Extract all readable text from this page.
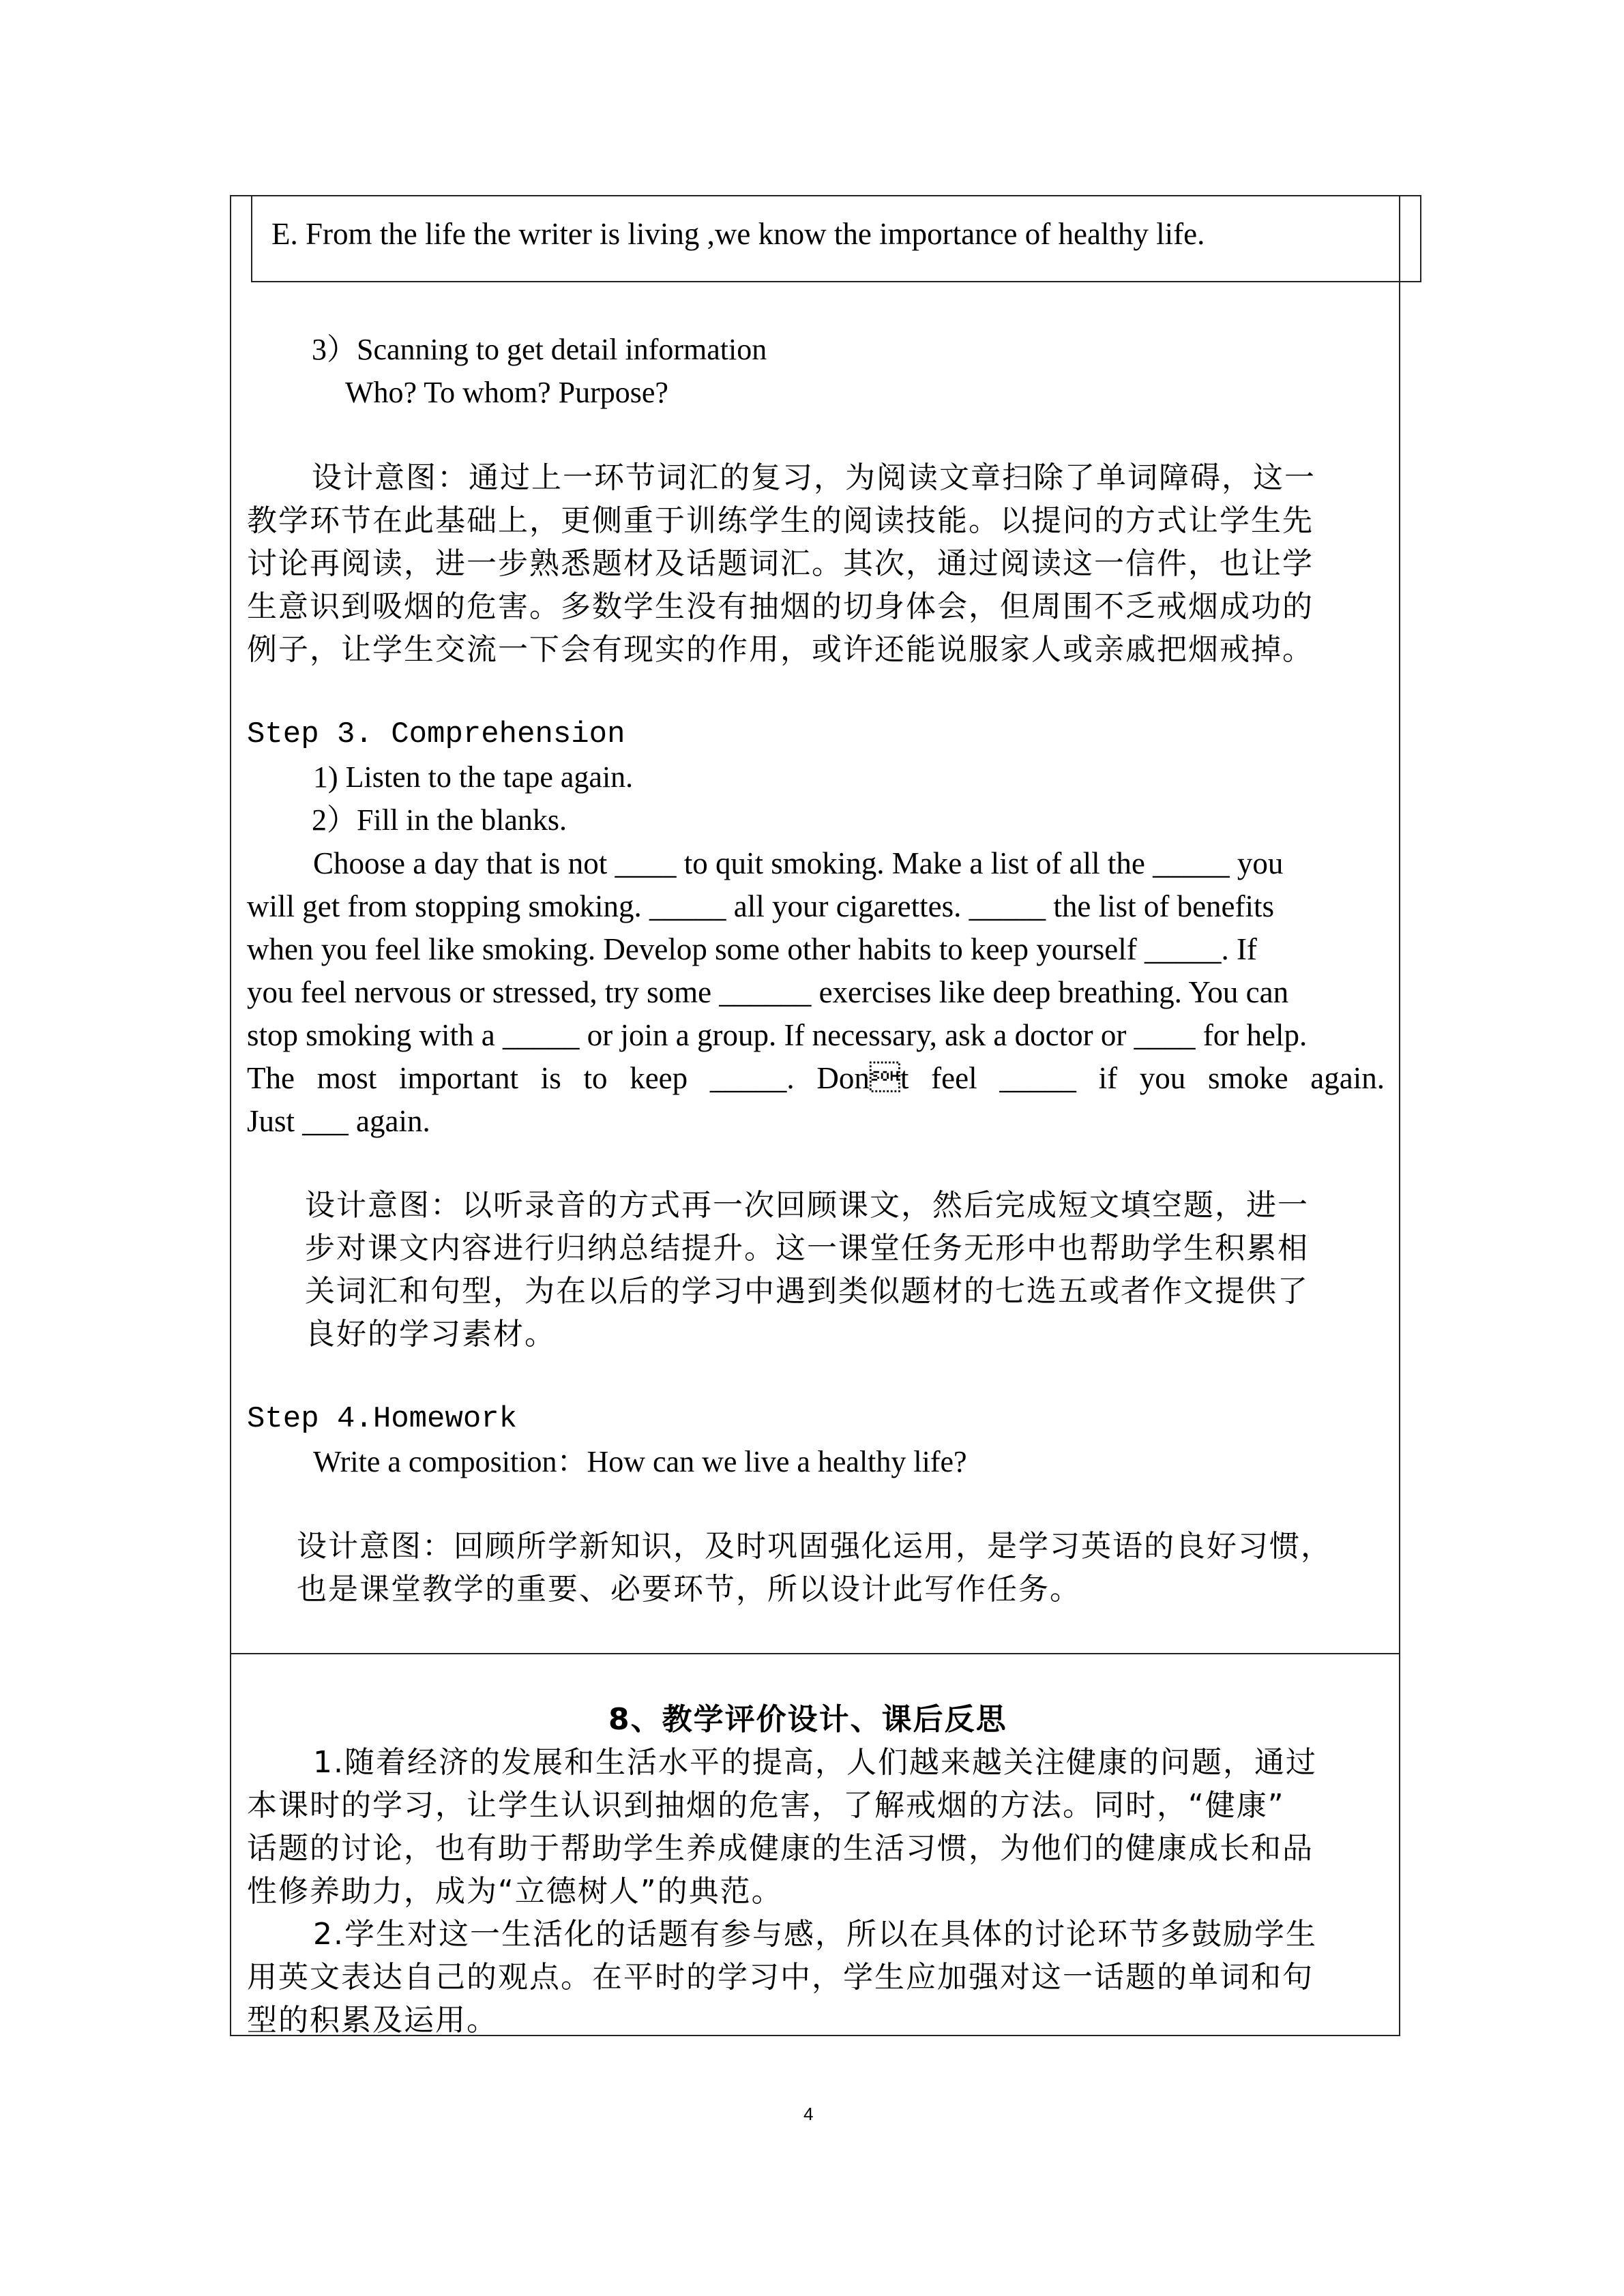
E. From the life the writer is living ,we know the importance of healthy life.
3）Scanning to get detail information
Who? To whom? Purpose?
设计意图：通过上一环节词汇的复习，为阅读文章扫除了单词障碍，这一
教学环节在此基础上，更侧重于训练学生的阅读技能。以提问的方式让学生先
讨论再阅读，进一步熟悉题材及话题词汇。其次，通过阅读这一信件，也让学
生意识到吸烟的危害。多数学生没有抽烟的切身体会，但周围不乏戒烟成功的
例子，让学生交流一下会有现实的作用，或许还能说服家人或亲戚把烟戒掉。
Step 3. Comprehension
1) Listen to the tape again.
2）Fill in the blanks.
Choose a day that is not ____ to quit smoking. Make a list of all the _____ you
will get from stopping smoking. _____ all your cigarettes. _____ the list of benefits
when you feel like smoking. Develop some other habits to keep yourself _____. If
you feel nervous or stressed, try some ______ exercises like deep breathing. You can
stop smoking with a _____ or join a group. If necessary, ask a doctor or ____ for help.
The most important is to keep _____. Dont feel _____ if you smoke again.
Just ___ again.
设计意图：以听录音的方式再一次回顾课文，然后完成短文填空题，进一
步对课文内容进行归纳总结提升。这一课堂任务无形中也帮助学生积累相
关词汇和句型，为在以后的学习中遇到类似题材的七选五或者作文提供了
良好的学习素材。
Step 4.Homework
Write a composition：How can we live a healthy life?
设计意图：回顾所学新知识，及时巩固强化运用，是学习英语的良好习惯，
也是课堂教学的重要、必要环节，所以设计此写作任务。
8、教学评价设计、课后反思
1.随着经济的发展和生活水平的提高，人们越来越关注健康的问题，通过
本课时的学习，让学生认识到抽烟的危害，了解戒烟的方法。同时，“健康”
话题的讨论，也有助于帮助学生养成健康的生活习惯，为他们的健康成长和品
性修养助力，成为“立德树人”的典范。
2.学生对这一生活化的话题有参与感，所以在具体的讨论环节多鼓励学生
用英文表达自己的观点。在平时的学习中，学生应加强对这一话题的单词和句
型的积累及运用。
4
